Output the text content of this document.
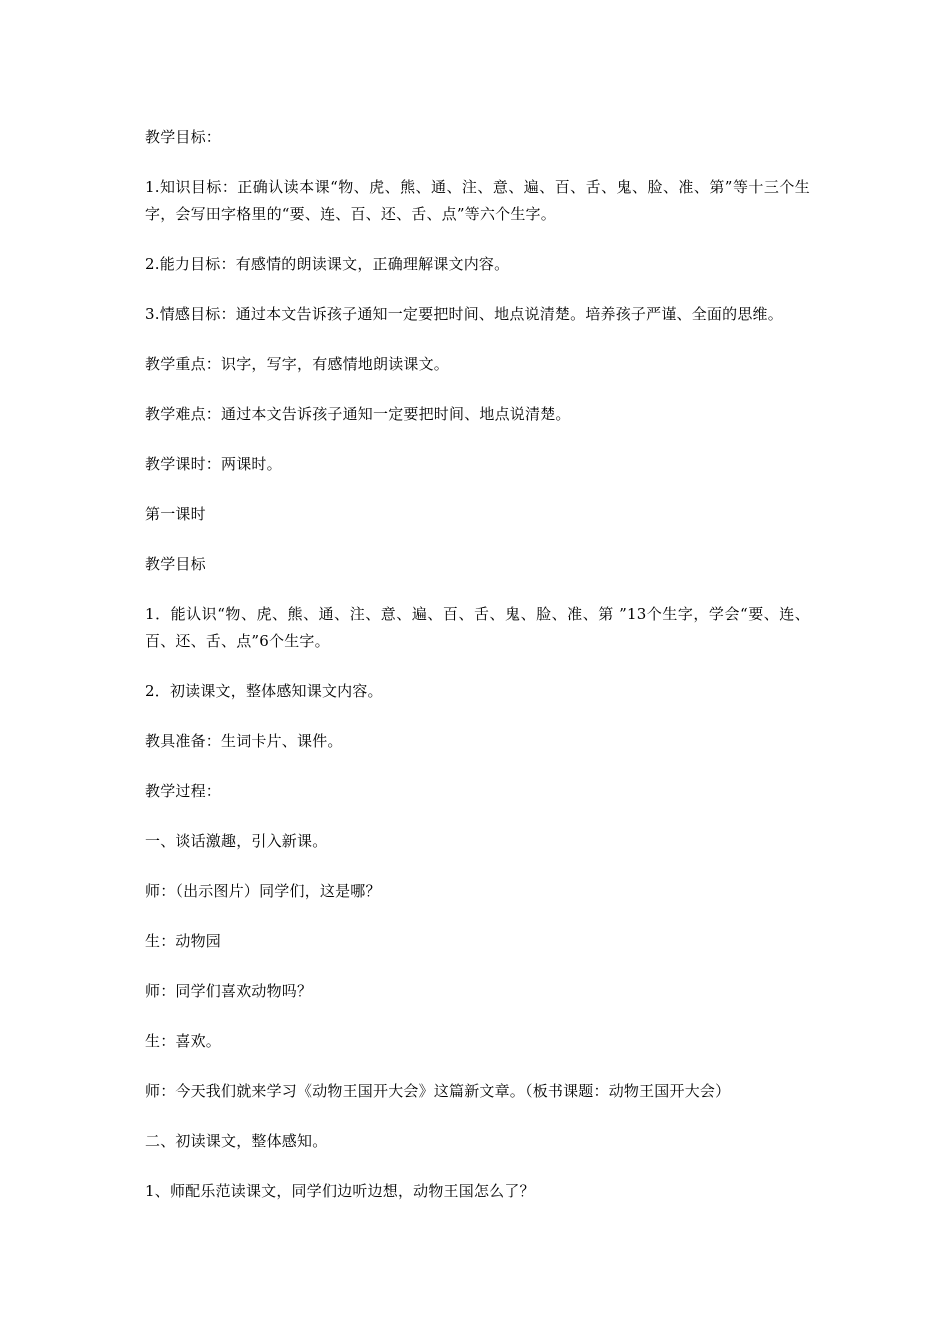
教学目标：

1.知识目标：正确认读本课“物、虎、熊、通、注、意、遍、百、舌、鬼、脸、准、第”等十三个生字，会写田字格里的“要、连、百、还、舌、点”等六个生字。

2.能力目标：有感情的朗读课文，正确理解课文内容。

3.情感目标：通过本文告诉孩子通知一定要把时间、地点说清楚。培养孩子严谨、全面的思维。

教学重点：识字，写字，有感情地朗读课文。

教学难点：通过本文告诉孩子通知一定要把时间、地点说清楚。

教学课时：两课时。

第一课时

教学目标

1．能认识“物、虎、熊、通、注、意、遍、百、舌、鬼、脸、准、第 ”13个生字，学会“要、连、百、还、舌、点”6个生字。

2．初读课文，整体感知课文内容。

教具准备：生词卡片、课件。

教学过程：

一、谈话激趣，引入新课。

师：（出示图片）同学们，这是哪？

生：动物园

师：同学们喜欢动物吗？

生：喜欢。

师：今天我们就来学习《动物王国开大会》这篇新文章。（板书课题：动物王国开大会）

二、初读课文，整体感知。

1、师配乐范读课文，同学们边听边想，动物王国怎么了？
